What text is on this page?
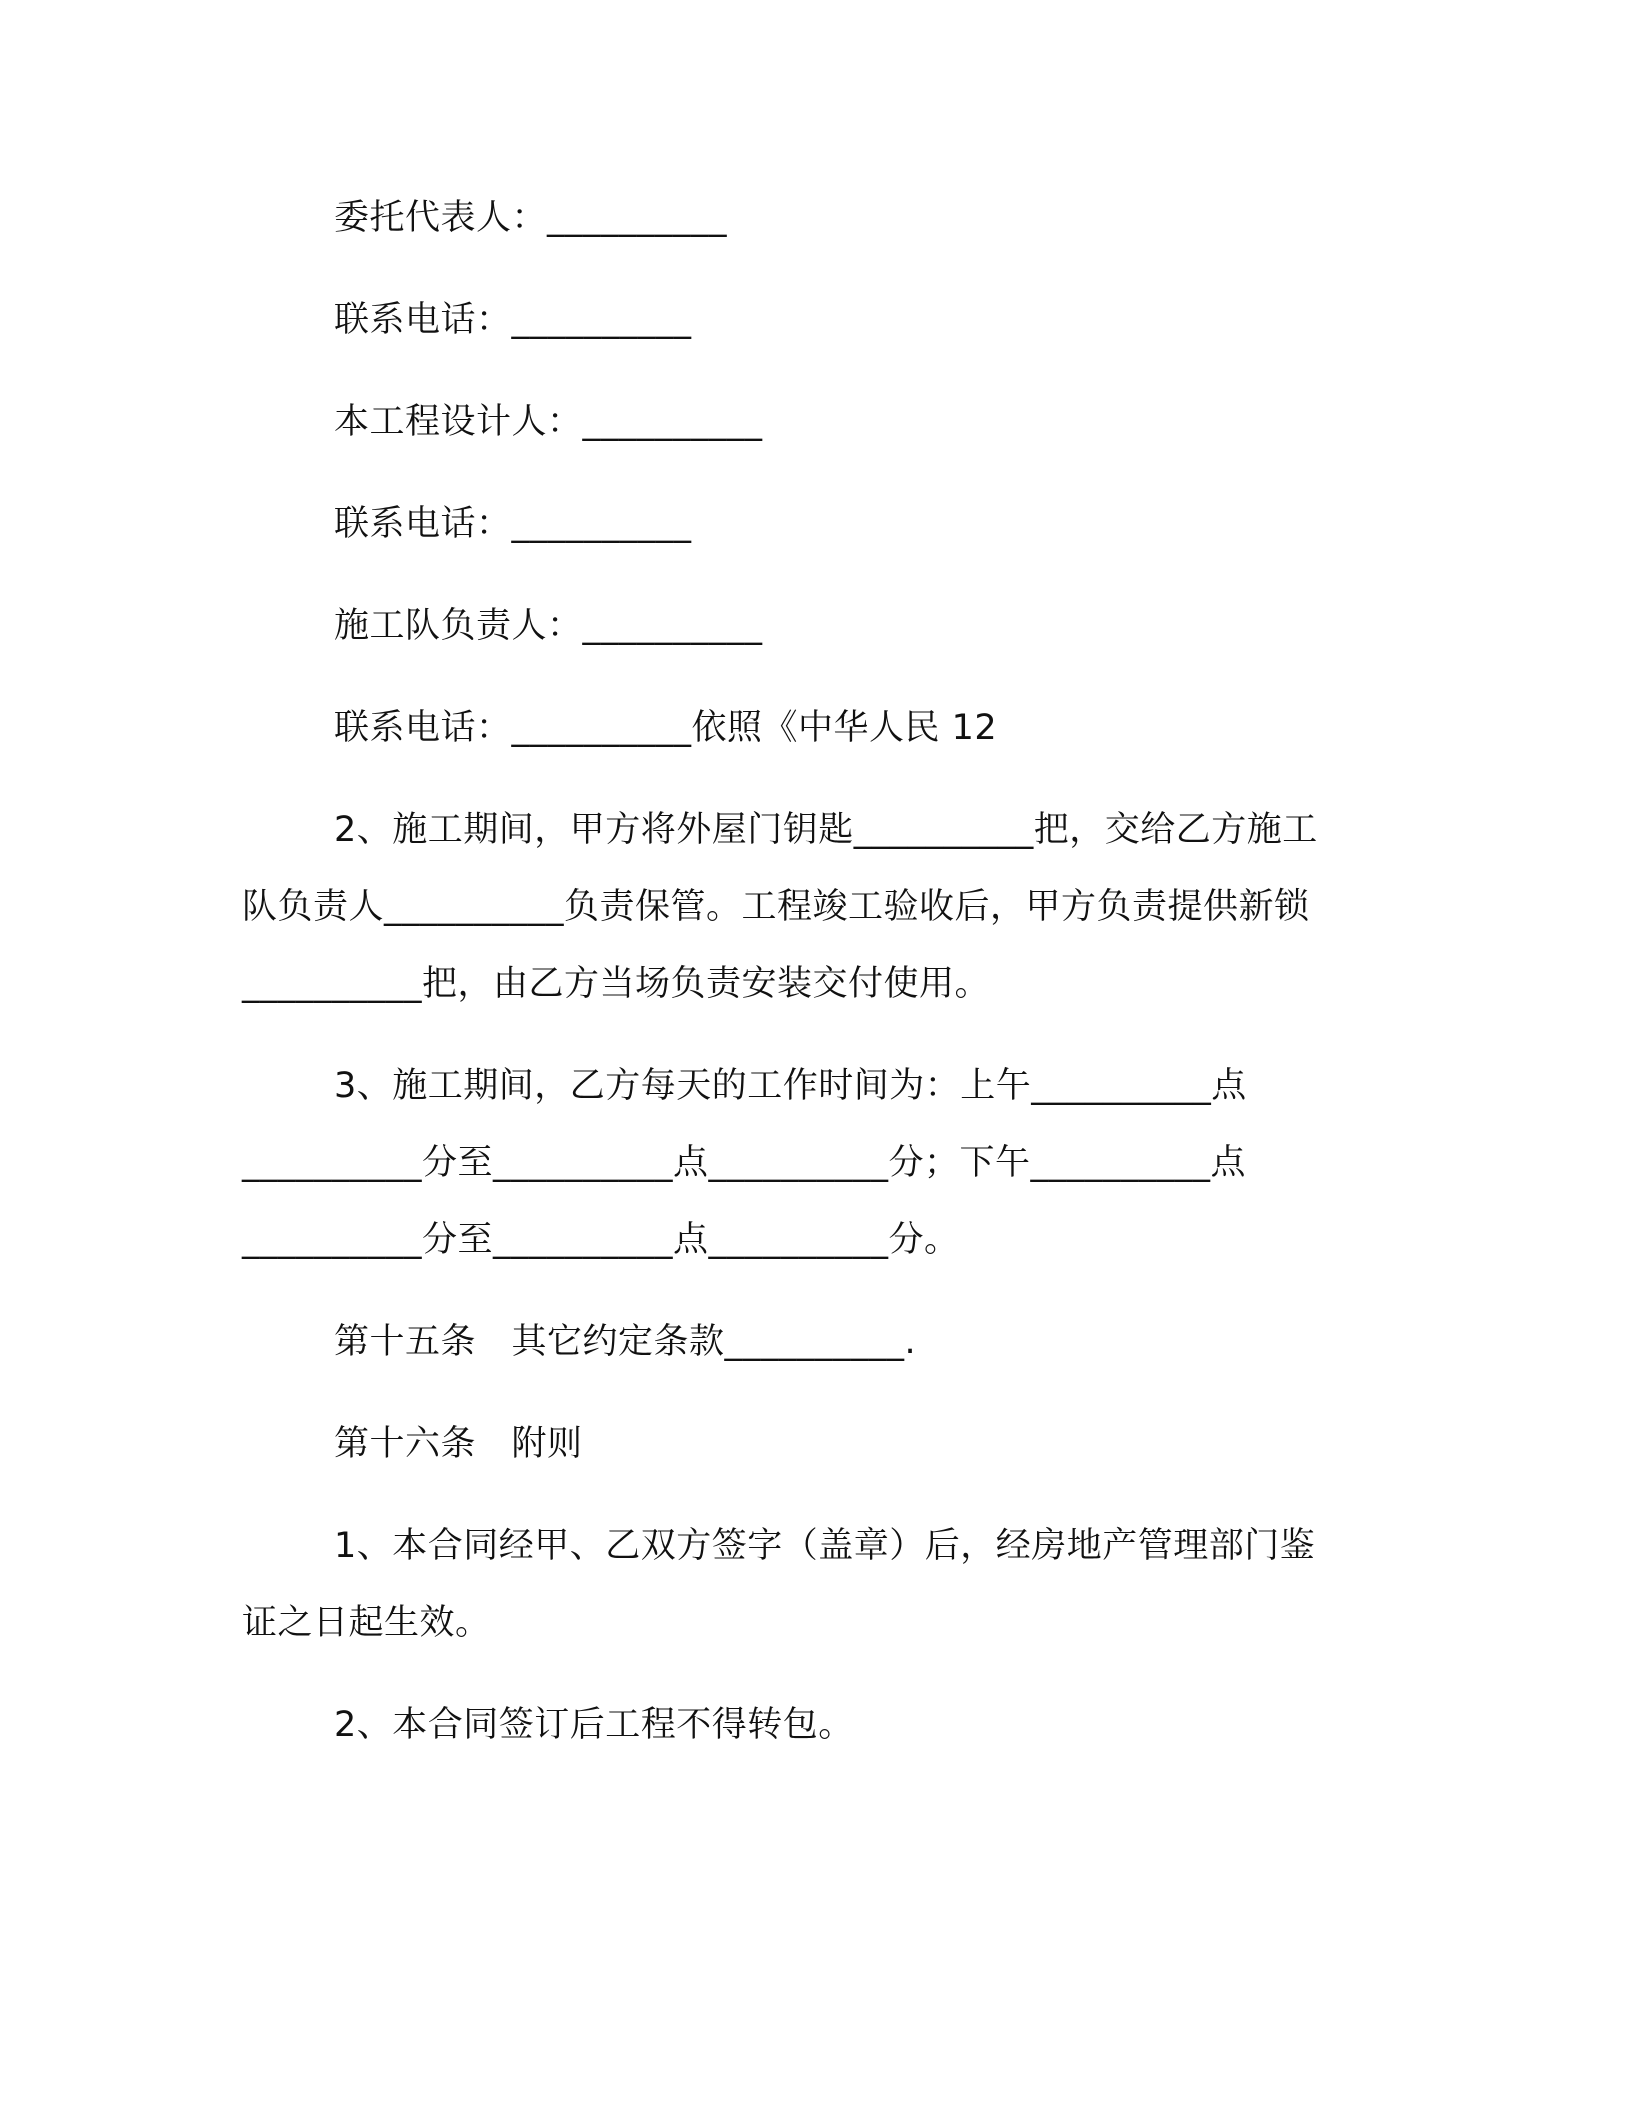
委托代表人：__________

联系电话：__________

本工程设计人：__________

联系电话：__________

施工队负责人：__________

联系电话：__________依照《中华人民 12

2、施工期间，甲方将外屋门钥匙__________把，交给乙方施工

队负责人__________负责保管。工程竣工验收后，甲方负责提供新锁

__________把，由乙方当场负责安装交付使用。

3、施工期间，乙方每天的工作时间为：上午__________点

__________分至__________点__________分；下午__________点

__________分至__________点__________分。

第十五条　其它约定条款__________.

第十六条　附则

1、本合同经甲、乙双方签字（盖章）后，经房地产管理部门鉴

证之日起生效。

2、本合同签订后工程不得转包。
